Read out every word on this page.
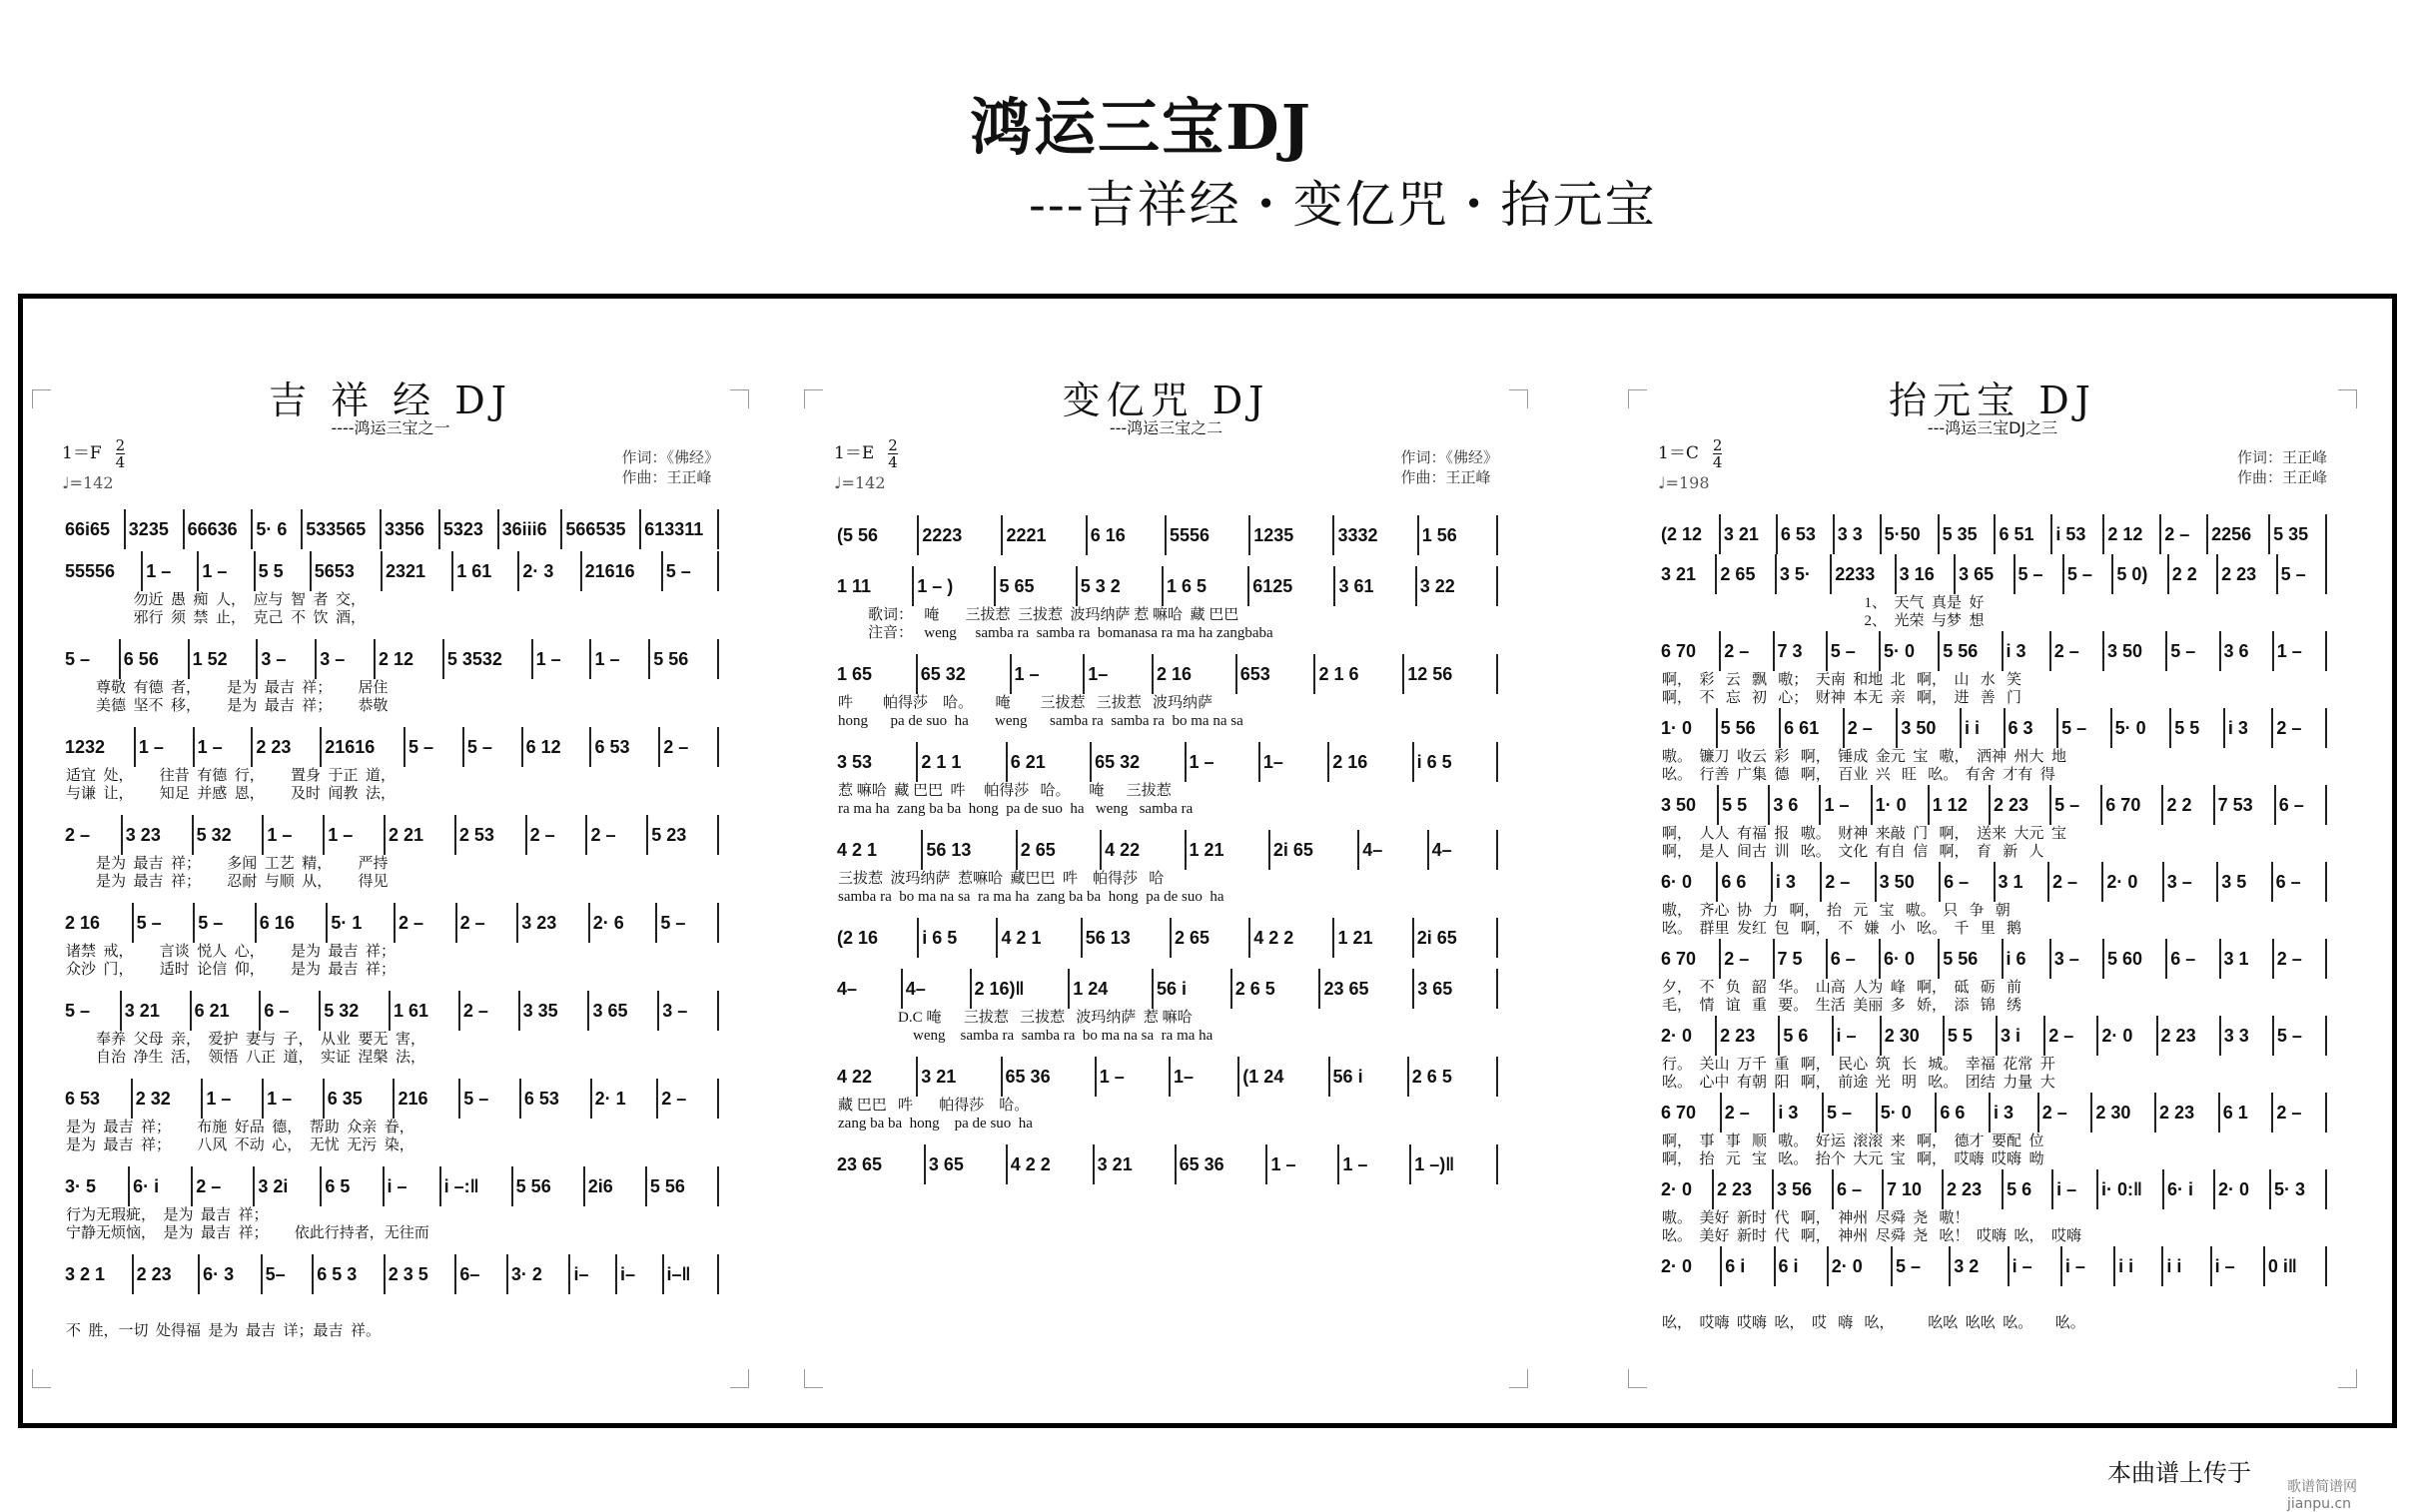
鸿运三宝DJ
---吉祥经・变亿咒・抬元宝
吉 祥 经 DJ
----鸿运三宝之一
$1=F \frac{2}{4}$
♩=142
作词：《佛经》
作曲：王正峰
66i65	3235	66636	5· 6	533565	3356	5323	36iii6	566535	613311
55556	1 –	1 –	5 5	5653	2321	1 61	2· 3	21616	5 –
勿近  愚  痴  人，  应与  智  者  交，
邪行  须  禁  止，  克己  不  饮  酒，
5 –	6 56	1 52	3 –	3 –	2 12	5 3532	1 –	1 –	5 56
尊敬  有德  者，       是为  最吉  祥；       居住
美德  坚不  移，       是为  最吉  祥；       恭敬
1232	1 –	1 –	2 23	21616	5 –	5 –	6 12	6 53	2 –
适宜  处，       往昔  有德  行，       置身  于正  道，
与谦  让，       知足  并感  恩，       及时  闻教  法，
2 –	3 23	5 32	1 –	1 –	2 21	2 53	2 –	2 –	5 23
是为  最吉  祥；       多闻  工艺  精，       严持
是为  最吉  祥；       忍耐  与顺  从，       得见
2 16	5 –	5 –	6 16	5· 1	2 –	2 –	3 23	2· 6	5 –
诸禁  戒，       言谈  悦人  心，       是为  最吉  祥；
众沙  门，       适时  论信  仰，       是为  最吉  祥；
5 –	3 21	6 21	6 –	5 32	1 61	2 –	3 35	3 65	3 –
奉养  父母  亲，  爱护  妻与  子，  从业  要无  害，
自治  净生  活，  领悟  八正  道，  实证  涅槃  法，
6 53	2 32	1 –	1 –	6 35	216	5 –	6 53	2· 1	2 –
是为  最吉  祥；       布施  好品  德，  帮助  众亲  眷，
是为  最吉  祥；       八风  不动  心，  无忧  无污  染，
3· 5	6· i	2 –	3 2i	6 5	i –	i –:‖	5 56	2i6	5 56
行为无瑕疵，  是为  最吉  祥；
宁静无烦恼，  是为  最吉  祥；       依此行持者，无往而
3 2 1	2 23	6· 3	5–	6 5 3	2 3 5	6–	3· 2	i–	i–	i–‖
不  胜，一切  处得福  是为  最吉  详；最吉  祥。
变亿咒 DJ
---鸿运三宝之二
$1=E \frac{2}{4}$
♩=142
作词：《佛经》
作曲：王正峰
(5 56	2223	2221	6 16	5556	1235	3332	1 56
1 11	1 – )	5 65	5 3 2	1 6 5	6125	3 61	3 22
歌词：   唵       三拔惹  三拔惹  波玛纳萨 惹 嘛哈  藏 巴巴
注音：   weng     samba ra  samba ra  bomanasa ra ma ha zangbaba
1 65	65 32	1 –	1–	2 16	653	2 1 6	12 56
吽        帕得莎    哈。      唵        三拔惹   三拔惹   波玛纳萨
hong      pa de suo  ha       weng      samba ra  samba ra  bo ma na sa
3 53	2 1 1	6 21	65 32	1 –	1–	2 16	i 6 5
惹 嘛哈  藏 巴巴  吽     帕得莎   哈。     唵      三拔惹
ra ma ha  zang ba ba  hong  pa de suo  ha   weng   samba ra
4 2 1	56 13	2 65	4 22	1 21	2i 65	4–	4–
三拔惹  波玛纳萨  惹嘛哈  藏巴巴  吽    帕得莎   哈
samba ra  bo ma na sa  ra ma ha  zang ba ba  hong  pa de suo  ha
(2 16	i 6 5	4 2 1	56 13	2 65	4 2 2	1 21	2i 65
4–	4–	2 16)‖	1 24	56 i	2 6 5	23 65	3 65
D.C 唵      三拔惹   三拔惹   波玛纳萨  惹 嘛哈
weng    samba ra  samba ra  bo ma na sa  ra ma ha
4 22	3 21	65 36	1 –	1–	(1 24	56 i	2 6 5
藏 巴巴   吽       帕得莎    哈。
zang ba ba  hong    pa de suo  ha
23 65	3 65	4 2 2	3 21	65 36	1 –	1 –	1 –)‖
抬元宝 DJ
---鸿运三宝DJ之三
$1=C \frac{2}{4}$
♩=198
作词：王正峰
作曲：王正峰
(2 12	3 21	6 53	3 3	5·50	5 35	6 51	i 53	2 12	2 –	2256	5 35
3 21	2 65	3 5·	2233	3 16	3 65	5 –	5 –	5 0)	2 2	2 23	5 –
1、  天气  真是  好
2、  光荣  与梦  想
6 70	2 –	7 3	5 –	5· 0	5 56	i 3	2 –	3 50	5 –	3 6	1 –
啊，  彩   云   飘   嗷；  天南  和地  北   啊，  山   水   笑
啊，  不   忘   初   心；  财神  本无  亲   啊，  进   善   门
1· 0	5 56	6 61	2 –	3 50	i i	6 3	5 –	5· 0	5 5	i 3	2 –
嗷。  镰刀  收云  彩   啊，  锤成  金元  宝   嗷，  洒神  州大  地
吆。  行善  广集  德   啊，  百业  兴   旺   吆。  有舍  才有  得
3 50	5 5	3 6	1 –	1· 0	1 12	2 23	5 –	6 70	2 2	7 53	6 –
啊，  人人  有福  报   嗷。  财神  来敲  门   啊，  送来  大元  宝
啊，  是人  间古  训   吆。  文化  有自  信   啊，  育   新   人
6· 0	6 6	i 3	2 –	3 50	6 –	3 1	2 –	2· 0	3 –	3 5	6 –
嗷，  齐心  协   力   啊，  抬   元   宝   嗷。  只   争   朝
吆。  群里  发红  包   啊，  不   嫌   小   吆。  千   里   鹅
6 70	2 –	7 5	6 –	6· 0	5 56	i 6	3 –	5 60	6 –	3 1	2 –
夕，  不   负   韶   华。  山高  人为  峰   啊，  砥   砺   前
毛，  情   谊   重   要。  生活  美丽  多   娇，  添   锦   绣
2· 0	2 23	5 6	i –	2 30	5 5	3 i	2 –	2· 0	2 23	3 3	5 –
行。  关山  万千  重   啊，  民心  筑   长   城。  幸福  花常  开
吆。  心中  有朝  阳   啊，  前途  光   明   吆。  团结  力量  大
6 70	2 –	i 3	5 –	5· 0	6 6	i 3	2 –	2 30	2 23	6 1	2 –
啊，  事   事   顺   嗷。  好运  滚滚  来   啊，  德才  要配  位
啊，  抬   元   宝   吆。  抬个  大元  宝   啊，  哎嗨  哎嗨  呦
2· 0	2 23	3 56	6 –	7 10	2 23	5 6	i –	i· 0:‖	6· i	2· 0	5· 3
嗷。  美好  新时  代   啊，  神州  尽舜  尧   嗷！
吆。  美好  新时  代   啊，  神州  尽舜  尧   吆！  哎嗨  吆，  哎嗨
2· 0	6 i	6 i	2· 0	5 –	3 2	i –	i –	i i	i i	i –	0 i‖
吆，  哎嗨  哎嗨  吆，  哎   嗨   吆，         吆吆  吆吆  吆。      吆。
本曲谱上传于	歌谱简谱网 jianpu.cn
